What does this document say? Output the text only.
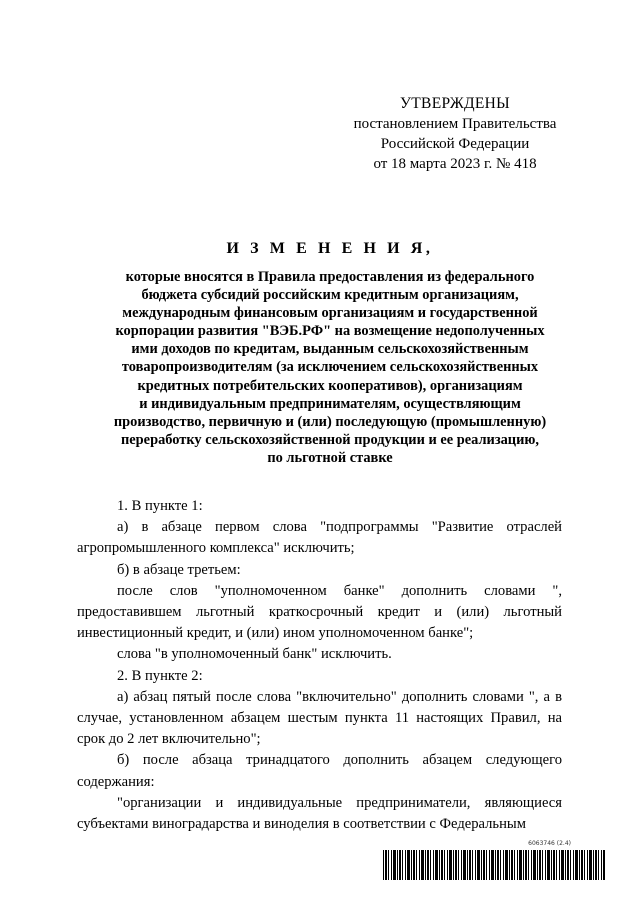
УТВЕРЖДЕНЫ
постановлением Правительства
Российской Федерации
от 18 марта 2023 г. № 418
И З М Е Н Е Н И Я,
которые вносятся в Правила предоставления из федерального
бюджета субсидий российским кредитным организациям,
международным финансовым организациям и государственной
корпорации развития "ВЭБ.РФ" на возмещение недополученных
ими доходов по кредитам, выданным сельскохозяйственным
товаропроизводителям (за исключением сельскохозяйственных
кредитных потребительских кооперативов), организациям
и индивидуальным предпринимателям, осуществляющим
производство, первичную и (или) последующую (промышленную)
переработку сельскохозяйственной продукции и ее реализацию,
по льготной ставке

1. В пункте 1:

а) в абзаце первом слова "подпрограммы "Развитие отраслей агропромышленного комплекса" исключить;

б) в абзаце третьем:

после слов "уполномоченном банке" дополнить словами ", предоставившем льготный краткосрочный кредит и (или) льготный инвестиционный кредит, и (или) ином уполномоченном банке";

слова "в уполномоченный банк" исключить.

2. В пункте 2:

а) абзац пятый после слова "включительно" дополнить словами ", а в случае, установленном абзацем шестым пункта 11 настоящих Правил, на срок до 2 лет включительно";

б) после абзаца тринадцатого дополнить абзацем следующего содержания:

"организации и индивидуальные предприниматели, являющиеся субъектами виноградарства и виноделия в соответствии с Федеральным

6063746 (2.4)
